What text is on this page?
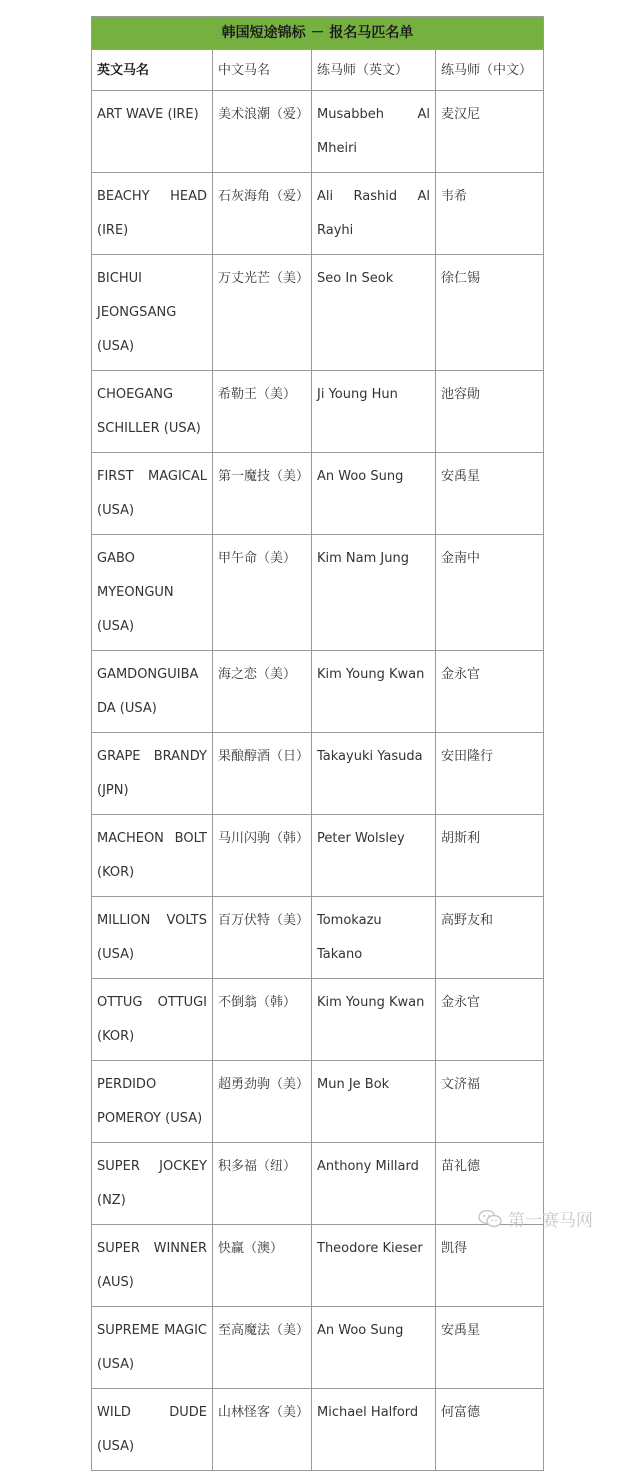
韩国短途锦标 － 报名马匹名单			
英文马名	中文马名	练马师（英文）	练马师（中文）
ART WAVE (IRE)	美术浪潮（爱）	Musabbeh Al Mheiri	麦汉尼
BEACHY HEAD (IRE)	石灰海角（爱）	Ali Rashid Al Rayhi	韦希
BICHUI JEONGSANG (USA)	万丈光芒（美）	Seo In Seok	徐仁锡
CHOEGANG SCHILLER (USA)	希勒王（美）	Ji Young Hun	池容勛
FIRST MAGICAL (USA)	第一魔技（美）	An Woo Sung	安禹星
GABO MYEONGUN (USA)	甲午命（美）	Kim Nam Jung	金南中
GAMDONGUIBADA (USA)	海之恋（美）	Kim Young Kwan	金永官
GRAPE BRANDY (JPN)	果酿醇酒（日）	Takayuki Yasuda	安田隆行
MACHEON BOLT (KOR)	马川闪驹（韩）	Peter Wolsley	胡斯利
MILLION VOLTS (USA)	百万伏特（美）	Tomokazu Takano	高野友和
OTTUG OTTUGI (KOR)	不倒翁（韩）	Kim Young Kwan	金永官
PERDIDO POMEROY (USA)	超勇劲驹（美）	Mun Je Bok	文济福
SUPER JOCKEY (NZ)	积多福（纽）	Anthony Millard	苗礼德
SUPER WINNER (AUS)	快赢（澳）	Theodore Kieser	凯得
SUPREME MAGIC (USA)	至高魔法（美）	An Woo Sung	安禹星
WILD DUDE (USA)	山林怪客（美）	Michael Halford	何富德
第一赛马网
